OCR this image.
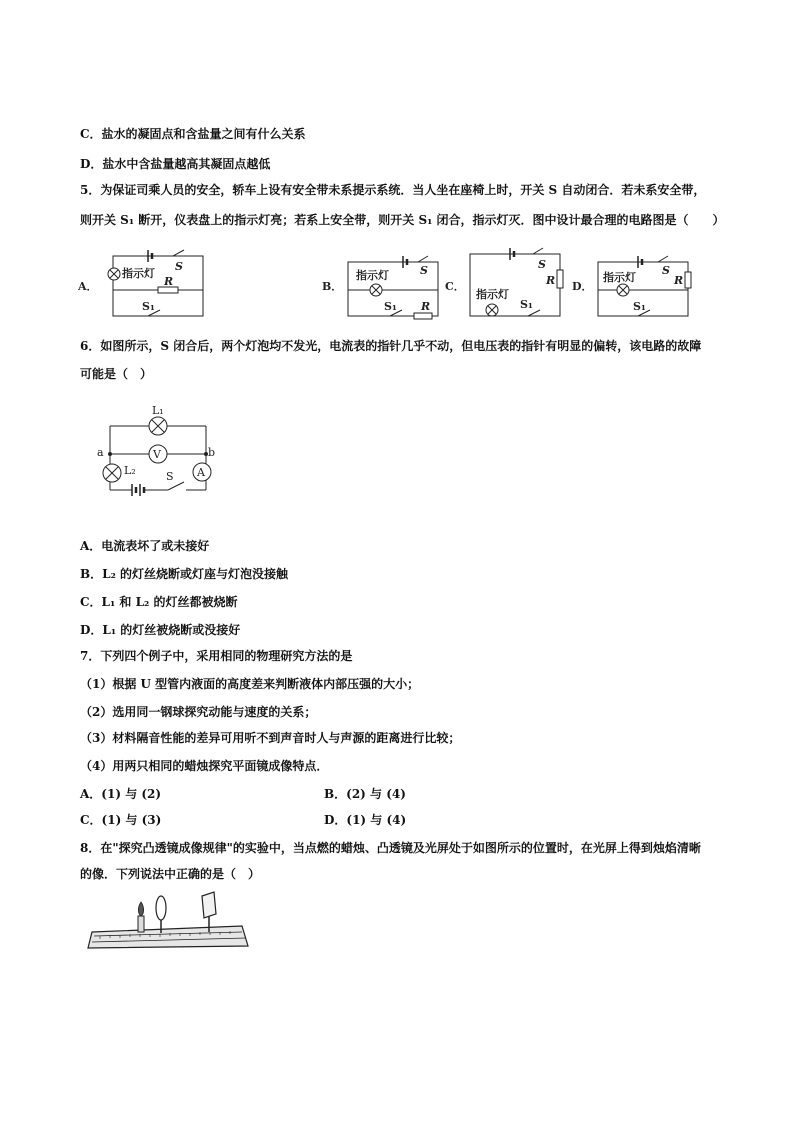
C．盐水的凝固点和含盐量之间有什么关系
D．盐水中含盐量越高其凝固点越低
5．为保证司乘人员的安全，轿车上设有安全带未系提示系统．当人坐在座椅上时，开关 S 自动闭合．若未系安全带，
则开关 S₁ 断开，仪表盘上的指示灯亮；若系上安全带，则开关 S₁ 闭合，指示灯灭．图中设计最合理的电路图是（　　）
A．
指示灯
S
R
S₁
B．
指示灯	S
S₁ R
C．
S
R
指示灯
S₁
D．
指示灯
S
R
S₁
6．如图所示，S 闭合后，两个灯泡均不发光，电流表的指针几乎不动，但电压表的指针有明显的偏转，该电路的故障
可能是（　）
L₁
V
a	b
L₂	A
S
A．电流表坏了或未接好
B．L₂ 的灯丝烧断或灯座与灯泡没接触
C．L₁ 和 L₂ 的灯丝都被烧断
D．L₁ 的灯丝被烧断或没接好
7．下列四个例子中，采用相同的物理研究方法的是
（1）根据 U 型管内液面的高度差来判断液体内部压强的大小；
（2）选用同一钢球探究动能与速度的关系；
（3）材料隔音性能的差异可用听不到声音时人与声源的距离进行比较；
（4）用两只相同的蜡烛探究平面镜成像特点．
A．(1) 与 (2)	B．(2) 与 (4)
C．(1) 与 (3)	D．(1) 与 (4)
8．在"探究凸透镜成像规律"的实验中，当点燃的蜡烛、凸透镜及光屏处于如图所示的位置时，在光屏上得到烛焰清晰
的像．下列说法中正确的是（　）
